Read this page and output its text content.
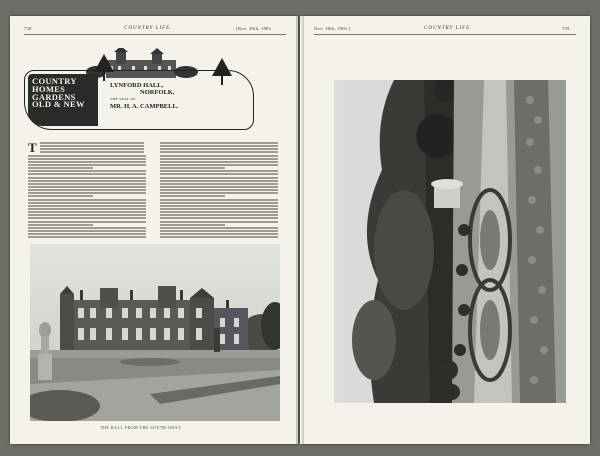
758	COUNTRY LIFE.	[Nov. 30th, 1901.
COUNTRY
HOMES
GARDENS
OLD & NEW
LYNFORD HALL,
NORFOLK,
THE SEAT OF
MR. H. A. CAMPBELL.
T
THE HALL FROM THE SOUTH-WEST.
Nov. 30th, 1901.]	COUNTRY LIFE.	759
